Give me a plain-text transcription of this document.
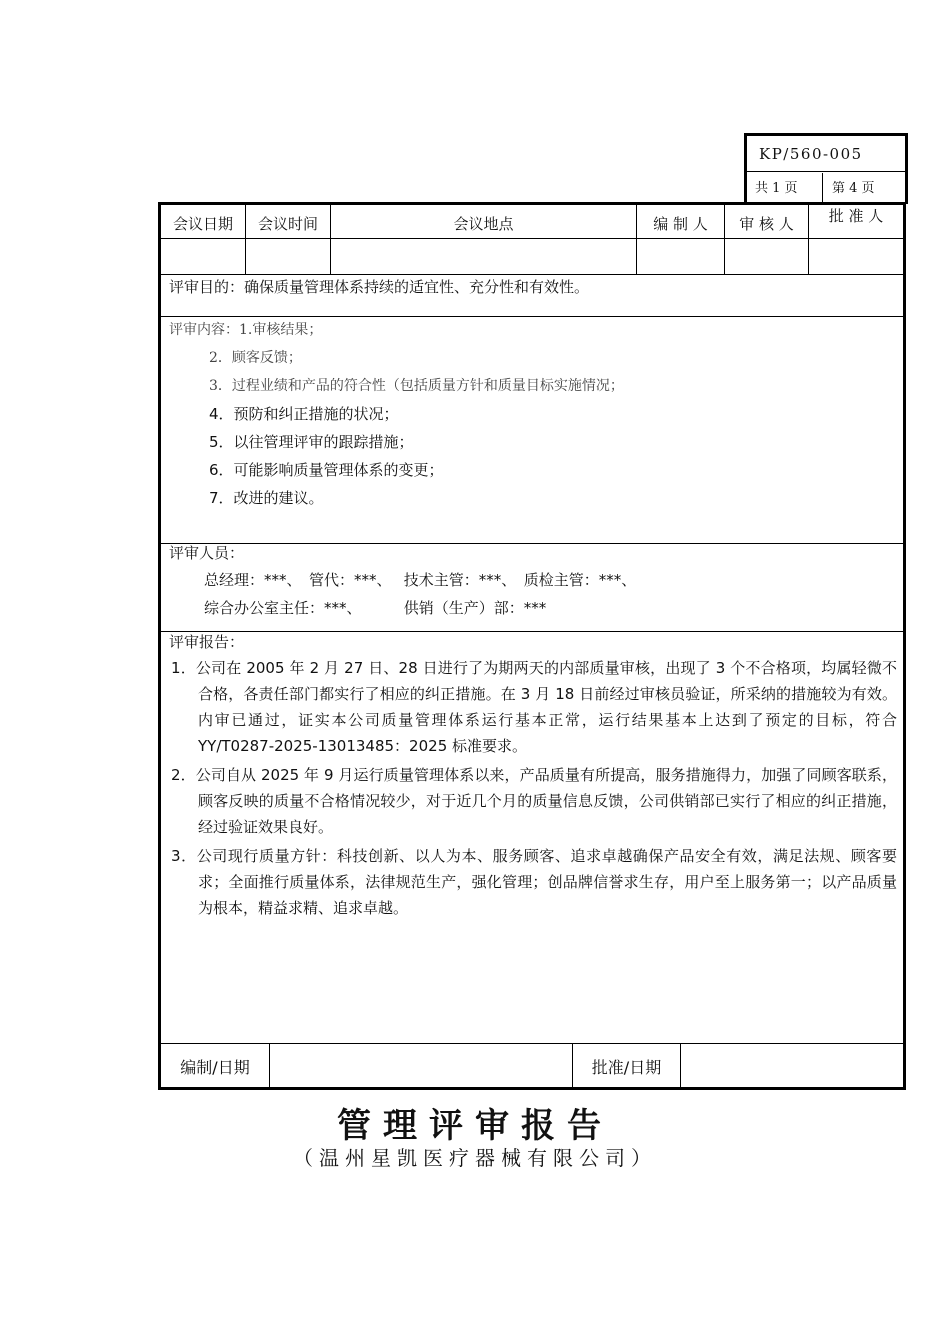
KP/560-005
共 1 页	第 4 页
会议日期	会议时间	会议地点	编 制 人	审 核 人	批 准 人
评审目的：确保质量管理体系持续的适宜性、充分性和有效性。
评审内容：1.审核结果；
2．顾客反馈；
3．过程业绩和产品的符合性（包括质量方针和质量目标实施情况；
4．预防和纠正措施的状况；
5．以往管理评审的跟踪措施；
6．可能影响质量管理体系的变更；
7．改进的建议。
评审人员：
总经理：***、　管代：***、　 技术主管：***、　质检主管：***、
综合办公室主任：***、　　　 供销（生产）部：***
评审报告：

1．公司在 2005 年 2 月 27 日、28 日进行了为期两天的内部质量审核，出现了 3 个不合格项，均属轻微不合格，各责任部门都实行了相应的纠正措施。在 3 月 18 日前经过审核员验证，所采纳的措施较为有效。内审已通过，证实本公司质量管理体系运行基本正常，运行结果基本上达到了预定的目标，符合 YY/T0287-2025-13013485：2025 标准要求。

2．公司自从 2025 年 9 月运行质量管理体系以来，产品质量有所提高，服务措施得力，加强了同顾客联系，顾客反映的质量不合格情况较少，对于近几个月的质量信息反馈，公司供销部已实行了相应的纠正措施，经过验证效果良好。

3．公司现行质量方针：科技创新、以人为本、服务顾客、追求卓越确保产品安全有效，满足法规、顾客要求；全面推行质量体系，法律规范生产，强化管理；创品牌信誉求生存，用户至上服务第一；以产品质量为根本，精益求精、追求卓越。

编制/日期	批准/日期
管理评审报告
（温州星凯医疗器械有限公司）
